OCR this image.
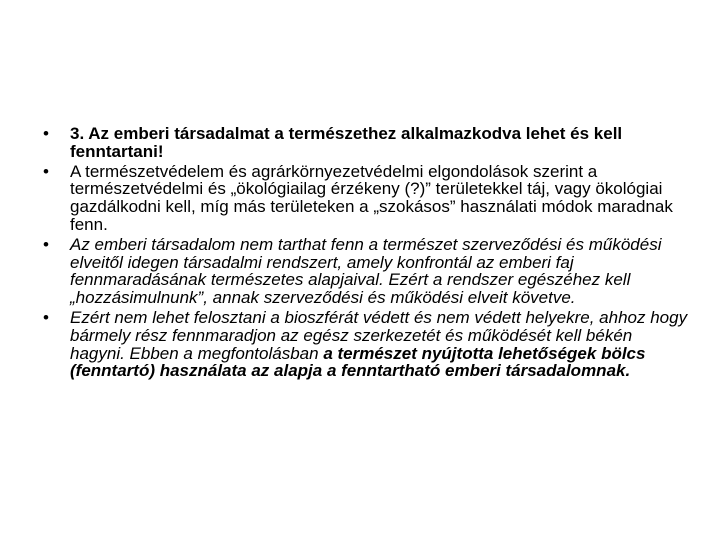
• 3. Az emberi társadalmat a természethez alkalmazkodva lehet és kell fenntartani!
• A természetvédelem és agrárkörnyezetvédelmi elgondolások szerint a természetvédelmi és „ökológiailag érzékeny (?)” területekkel táj, vagy ökológiai gazdálkodni kell, míg más területeken a „szokásos” használati módok maradnak fenn.
• Az emberi társadalom nem tarthat fenn a természet szerveződési és működési elveitől idegen társadalmi rendszert, amely konfrontál az emberi faj fennmaradásának természetes alapjaival. Ezért a rendszer egészéhez kell „hozzásimulnunk”, annak szerveződési és működési elveit követve.
• Ezért nem lehet felosztani a bioszférát védett és nem védett helyekre, ahhoz hogy bármely rész fennmaradjon az egész szerkezetét és működését kell békén hagyni. Ebben a megfontolásban a természet nyújtotta lehetőségek bölcs (fenntartó) használata az alapja a fenntartható emberi társadalomnak.
